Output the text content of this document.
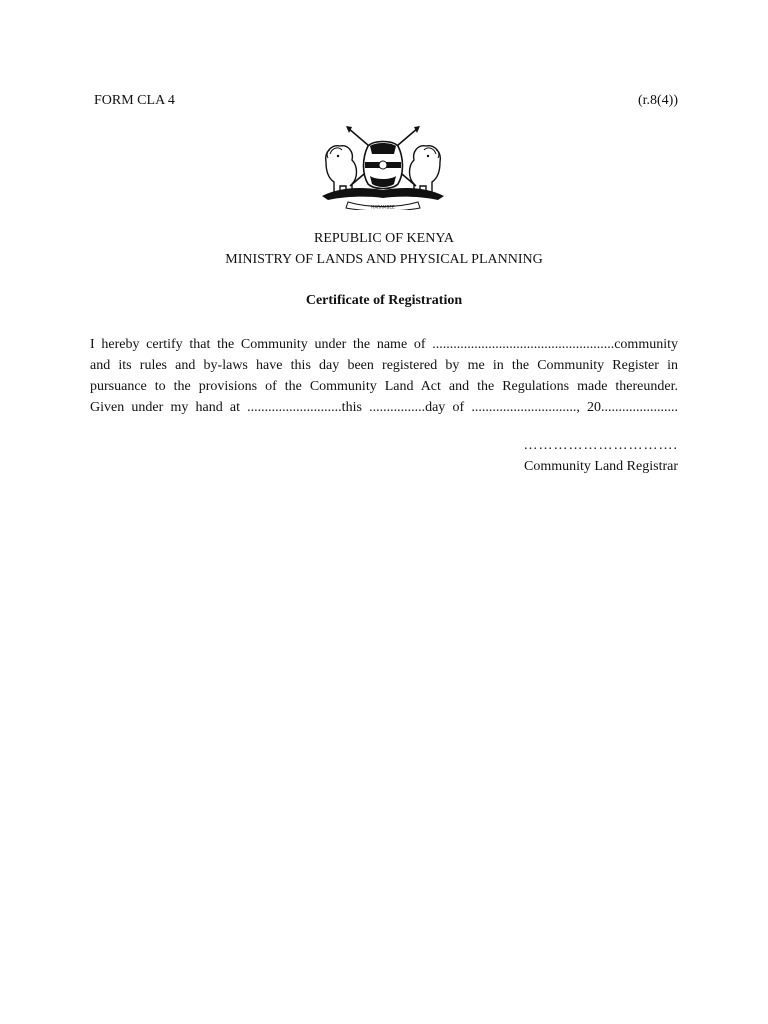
FORM CLA 4	(r.8(4))
HARAMBEE
REPUBLIC OF KENYA
MINISTRY OF LANDS AND PHYSICAL PLANNING
Certificate of Registration
I hereby certify that the Community under the name of ....................................................community
and its rules and by-laws have this day been registered by me in the Community Register in
pursuance to the provisions of the Community Land Act and the Regulations made thereunder.
Given under my hand at ...........................this ................day of .............................., 20......................
………………………….
Community Land Registrar
